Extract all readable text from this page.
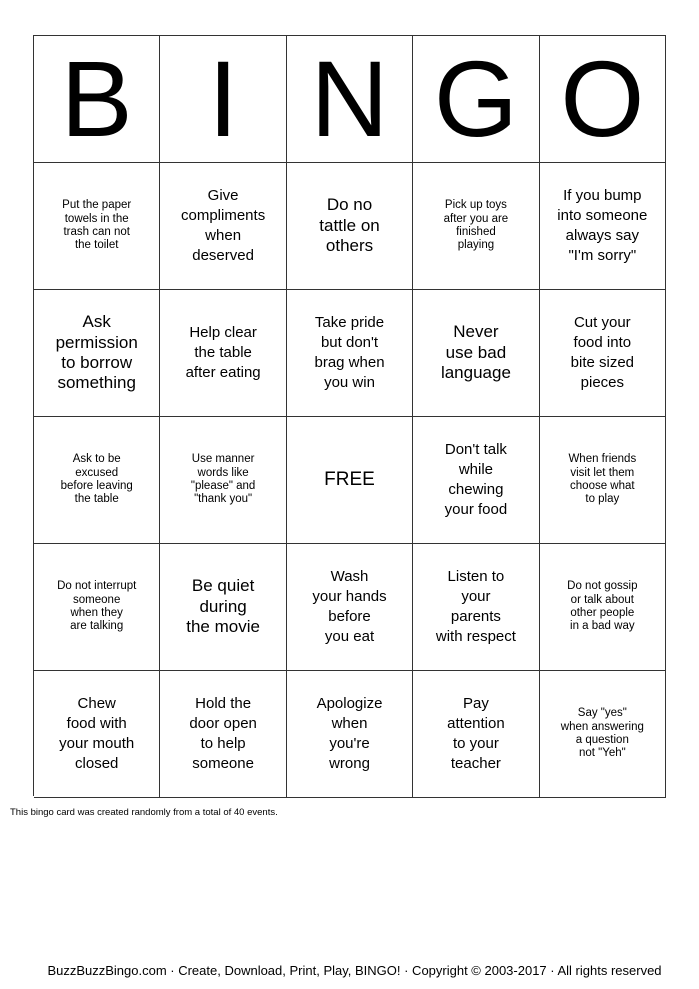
B I N G O
Put the paper
towels in the
trash can not
the toilet
Give
compliments
when
deserved
Do no
tattle on
others
Pick up toys
after you are
finished
playing
If you bump
into someone
always say
"I'm sorry"
Ask
permission
to borrow
something
Help clear
the table
after eating
Take pride
but don't
brag when
you win
Never
use bad
language
Cut your
food into
bite sized
pieces
Ask to be
excused
before leaving
the table
Use manner
words like
"please" and
"thank you"
FREE
Don't talk
while
chewing
your food
When friends
visit let them
choose what
to play
Do not interrupt
someone
when they
are talking
Be quiet
during
the movie
Wash
your hands
before
you eat
Listen to
your
parents
with respect
Do not gossip
or talk about
other people
in a bad way
Chew
food with
your mouth
closed
Hold the
door open
to help
someone
Apologize
when
you're
wrong
Pay
attention
to your
teacher
Say "yes"
when answering
a question
not "Yeh"
This bingo card was created randomly from a total of 40 events.
BuzzBuzzBingo.com · Create, Download, Print, Play, BINGO! · Copyright © 2003-2017 · All rights reserved
